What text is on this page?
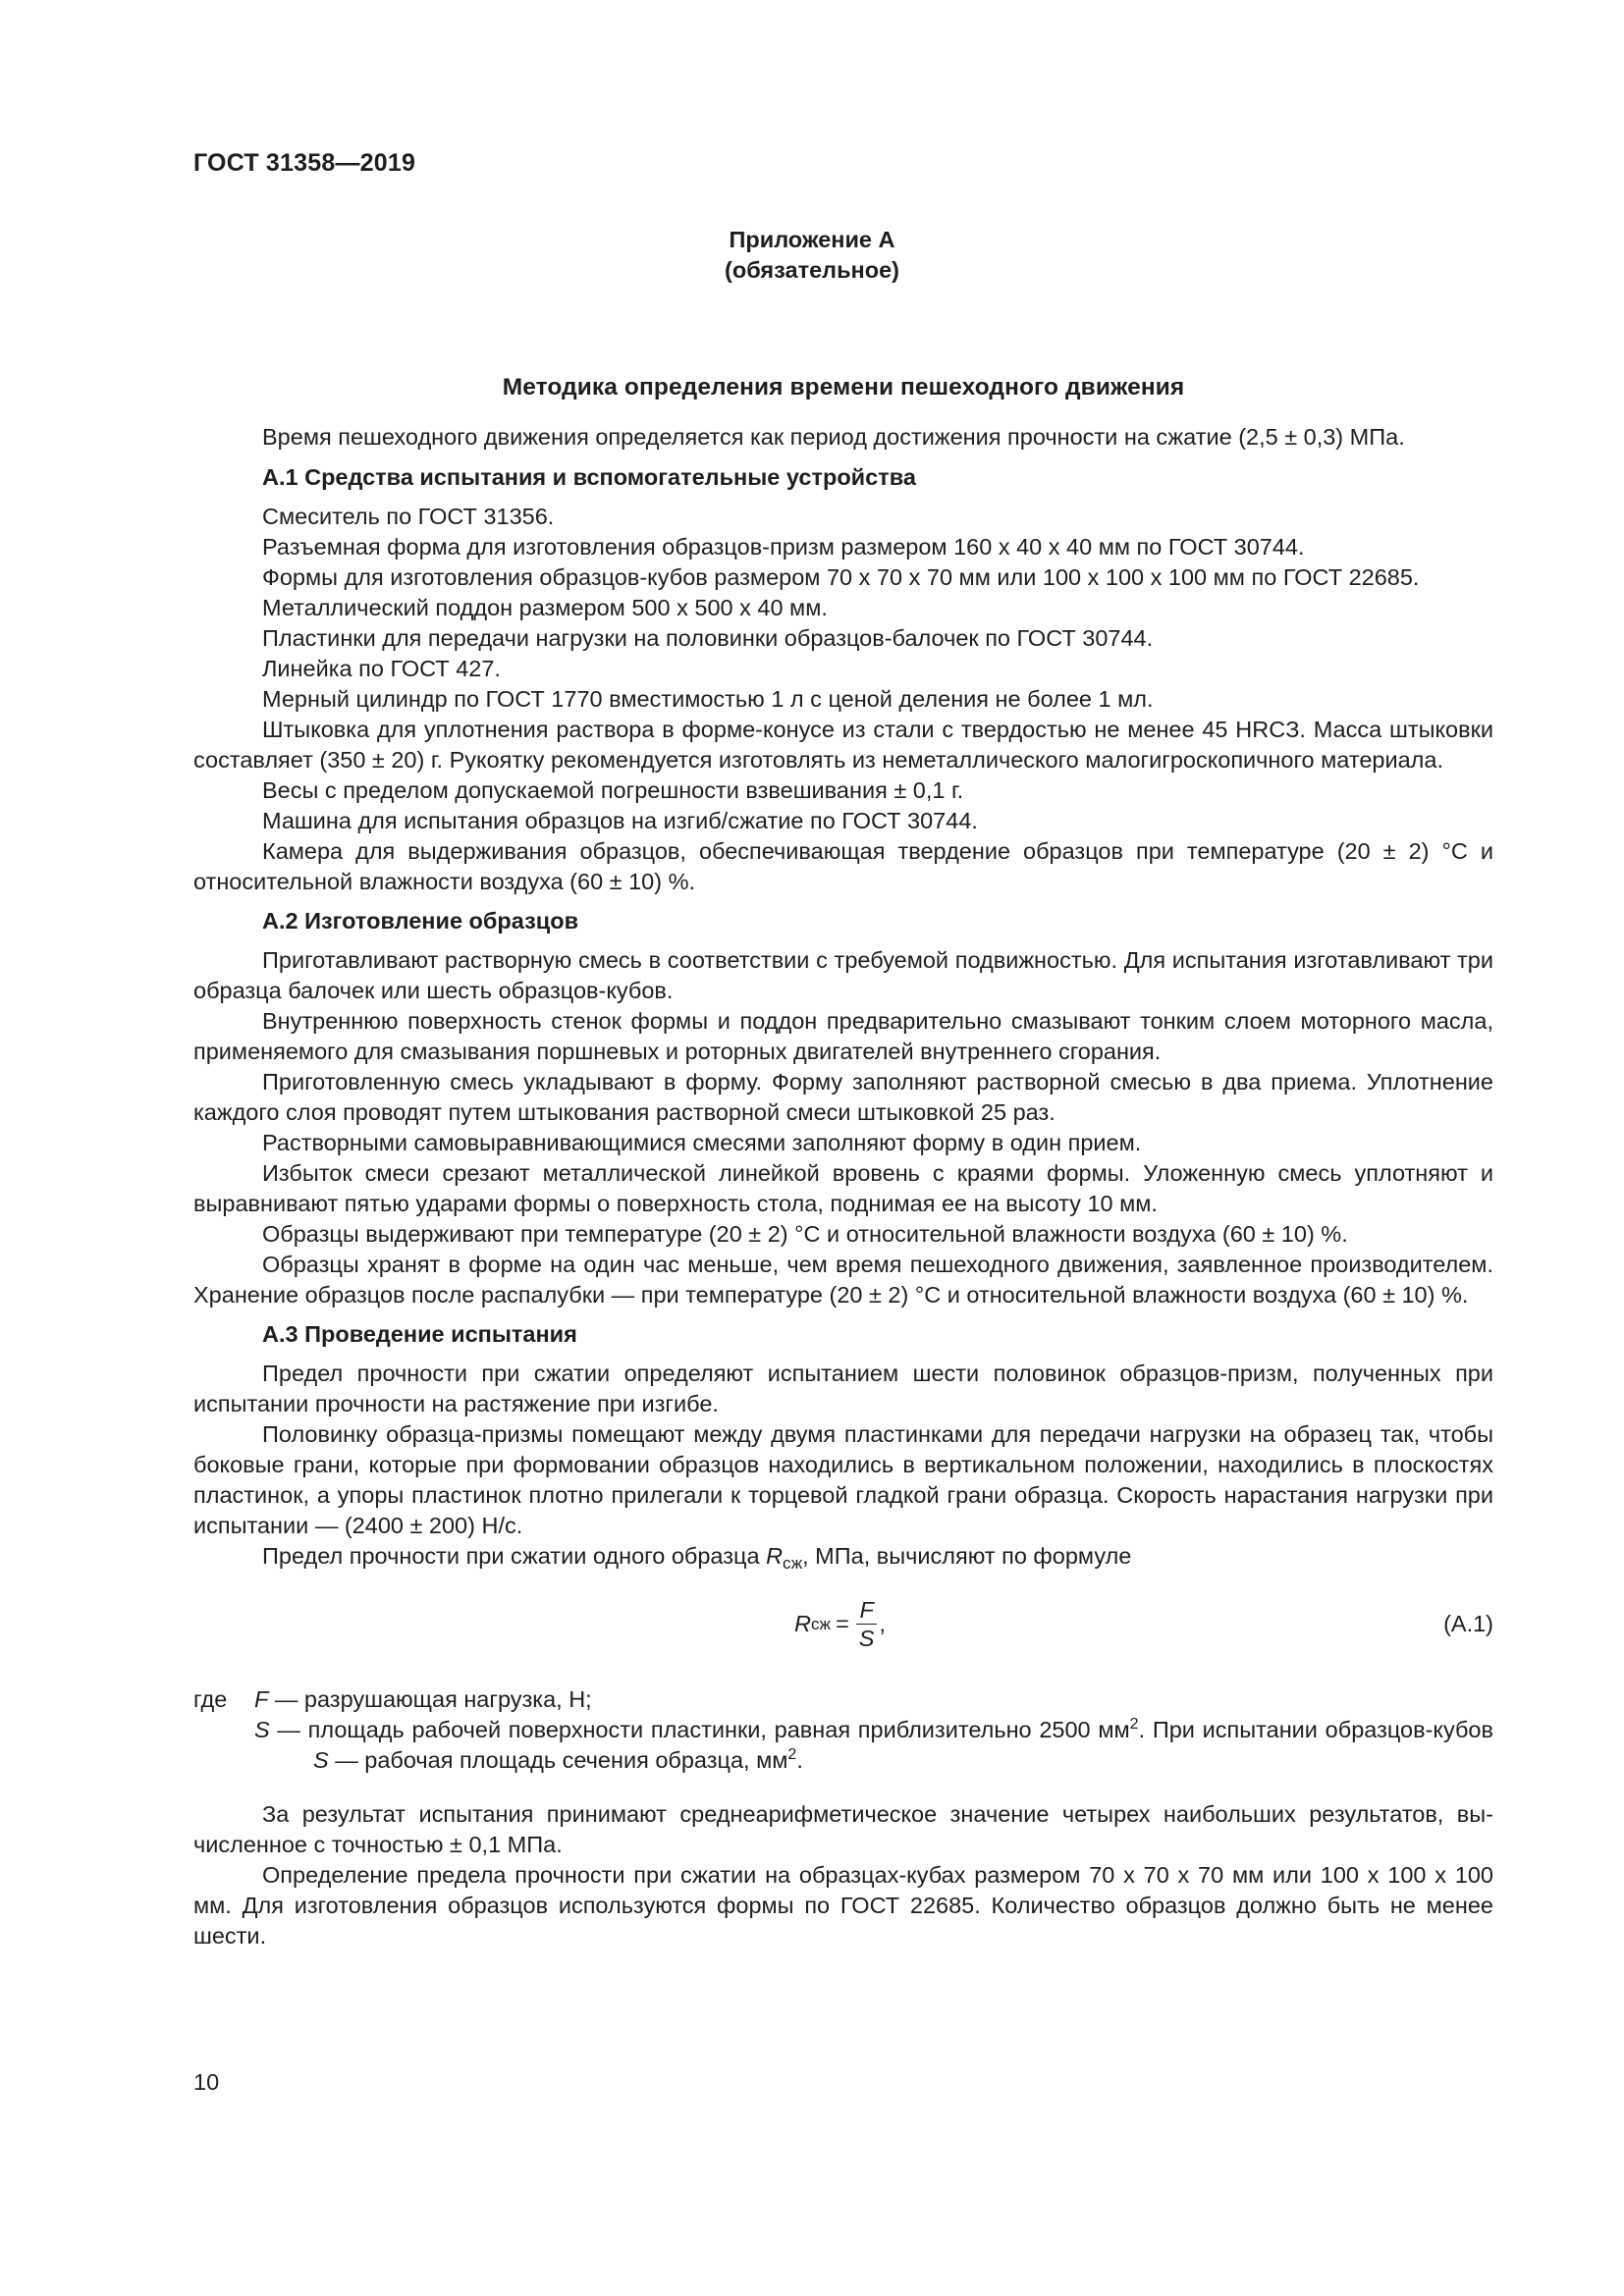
ГОСТ 31358—2019
Приложение А
(обязательное)
Методика определения времени пешеходного движения

Время пешеходного движения определяется как период достижения прочности на сжатие (2,5 ± 0,3) МПа.

А.1 Средства испытания и вспомогательные устройства

Смеситель по ГОСТ 31356.

Разъемная форма для изготовления образцов-призм размером 160 х 40 х 40 мм по ГОСТ 30744.

Формы для изготовления образцов-кубов размером 70 х 70 х 70 мм или 100 х 100 х 100 мм по ГОСТ 22685.

Металлический поддон размером 500 х 500 х 40 мм.

Пластинки для передачи нагрузки на половинки образцов-балочек по ГОСТ 30744.

Линейка по ГОСТ 427.

Мерный цилиндр по ГОСТ 1770 вместимостью 1 л с ценой деления не более 1 мл.

Штыковка для уплотнения раствора в форме-конусе из стали с твердостью не менее 45 HRCЗ. Масса штыковки составляет (350 ± 20) г. Рукоятку рекомендуется изготовлять из неметаллического малогигроскопичного материала.

Весы с пределом допускаемой погрешности взвешивания ± 0,1 г.

Машина для испытания образцов на изгиб/сжатие по ГОСТ 30744.

Камера для выдерживания образцов, обеспечивающая твердение образцов при температуре (20 ± 2) °С и относительной влажности воздуха (60 ± 10) %.

А.2 Изготовление образцов

Приготавливают растворную смесь в соответствии с требуемой подвижностью. Для испытания изготавливают три образца балочек или шесть образцов-кубов.

Внутреннюю поверхность стенок формы и поддон предварительно смазывают тонким слоем моторного масла, применяемого для смазывания поршневых и роторных двигателей внутреннего сгорания.

Приготовленную смесь укладывают в форму. Форму заполняют растворной смесью в два приема. Уплотнение каждого слоя проводят путем штыкования растворной смеси штыковкой 25 раз.

Растворными самовыравнивающимися смесями заполняют форму в один прием.

Избыток смеси срезают металлической линейкой вровень с краями формы. Уложенную смесь уплотняют и выравнивают пятью ударами формы о поверхность стола, поднимая ее на высоту 10 мм.

Образцы выдерживают при температуре (20 ± 2) °С и относительной влажности воздуха (60 ± 10) %.

Образцы хранят в форме на один час меньше, чем время пешеходного движения, заявленное производителем. Хранение образцов после распалубки — при температуре (20 ± 2) °С и относительной влажности воздуха (60 ± 10) %.

А.3 Проведение испытания

Предел прочности при сжатии определяют испытанием шести половинок образцов-призм, полученных при испытании прочности на растяжение при изгибе.

Половинку образца-призмы помещают между двумя пластинками для передачи нагрузки на образец так, чтобы боковые грани, которые при формовании образцов находились в вертикальном положении, находились в плоскостях пластинок, а упоры пластинок плотно прилегали к торцевой гладкой грани образца. Скорость нарастания нагрузки при испытании — (2400 ± 200) Н/с.

Предел прочности при сжатии одного образца $R_{сж}$, МПа, вычисляют по формуле

R сж = $\frac{F}{S}$ ,	(А.1)
где	F — разрушающая нагрузка, Н;
S — площадь рабочей поверхности пластинки, равная приблизительно 2500 $мм^2$. При испытании образцов-кубов S — рабочая площадь сечения образца, $мм^2$.

За результат испытания принимают среднеарифметическое значение четырех наибольших результатов, вычисленное с точностью ± 0,1 МПа.

Определение предела прочности при сжатии на образцах-кубах размером 70 х 70 х 70 мм или 100 х 100 х 100 мм. Для изготовления образцов используются формы по ГОСТ 22685. Количество образцов должно быть не менее шести.

10
